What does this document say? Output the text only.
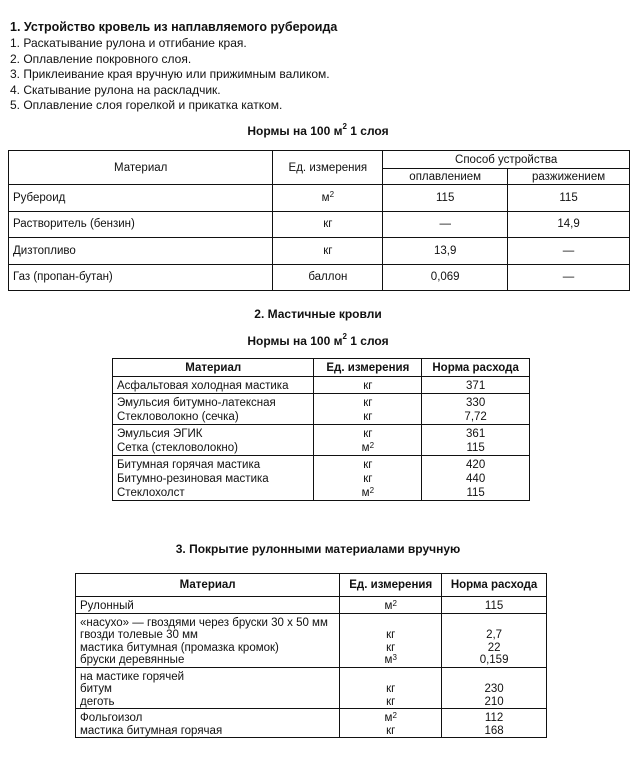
1. Устройство кровель из наплавляемого рубероида
1. Раскатывание рулона и отгибание края.
2. Оплавление покровного слоя.
3. Приклеивание края вручную или прижимным валиком.
4. Скатывание рулона на раскладчик.
5. Оплавление слоя горелкой и прикатка катком.
Нормы на 100 $м^2$ 1 слоя
Материал	Ед. измерения	Способ устройства	
		оплавлением	разжижением
Рубероид	$м^2$	115	115
Растворитель (бензин)	кг	—	14,9
Дизтопливо	кг	13,9	—
Газ (пропан-бутан)	баллон	0,069	—
2. Мастичные кровли
Нормы на 100 $м^2$ 1 слоя
Материал	Ед. измерения	Норма расхода
Асфальтовая холодная мастика	кг	371
Эмульсия битумно-латексная	кг	330
Стекловолокно (сечка)	кг	7,72
Эмульсия ЭГИК	кг	361
Сетка (стекловолокно)	$м^2$	115
Битумная горячая мастика	кг	420
Битумно-резиновая мастика	кг	440
Стеклохолст	$м^2$	115
3. Покрытие рулонными материалами вручную
Материал	Ед. измерения	Норма расхода
Рулонный	$м^2$	115
«насухо» — гвоздями через бруски 30 х 50 мм		
гвозди толевые 30 мм	кг	2,7
мастика битумная (промазка кромок)	кг	22
бруски деревянные	$м^3$	0,159
на мастике горячей		
битум	кг	230
деготь	кг	210
Фольгоизол	$м^2$	112
мастика битумная горячая	кг	168
